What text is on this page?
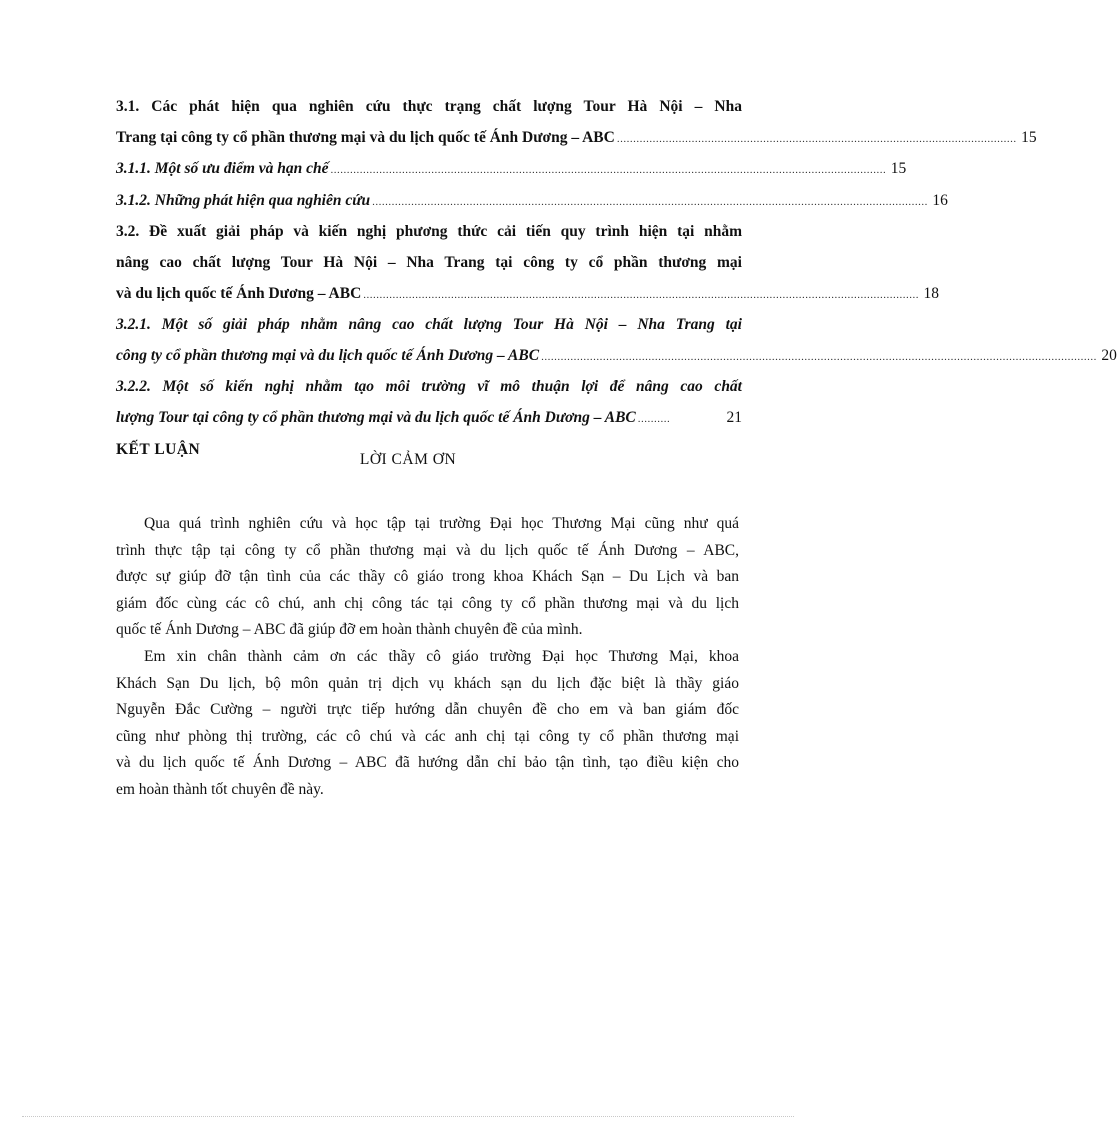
3.1. Các phát hiện qua nghiên cứu thực trạng chất lượng Tour Hà Nội – Nha
Trang tại công ty cổ phần thương mại và du lịch quốc tế Ánh Dương – ABC ........................................................................................................................... 15
3.1.1. Một số ưu điểm và hạn chế ........................................................................................................................................................................... 15
3.1.2. Những phát hiện qua nghiên cứu ........................................................................................................................................................................... 16
3.2. Đề xuất giải pháp và kiến nghị phương thức cải tiến quy trình hiện tại nhằm
nâng cao chất lượng Tour Hà Nội – Nha Trang tại công ty cổ phần thương mại
và du lịch quốc tế Ánh Dương – ABC ........................................................................................................................................................................... 18
3.2.1. Một số giải pháp nhằm nâng cao chất lượng Tour Hà Nội – Nha Trang tại
công ty cổ phần thương mại và du lịch quốc tế Ánh Dương – ABC ........................................................................................................................................................................... 20
3.2.2. Một số kiến nghị nhằm tạo môi trường vĩ mô thuận lợi để nâng cao chất
lượng Tour tại công ty cổ phần thương mại và du lịch quốc tế Ánh Dương – ABC ..........	21
KẾT LUẬN
LỜI CẢM ƠN
Qua quá trình nghiên cứu và học tập tại trường Đại học Thương Mại cũng như quá
trình thực tập tại công ty cổ phần thương mại và du lịch quốc tế Ánh Dương – ABC,
được sự giúp đỡ tận tình của các thầy cô giáo trong khoa Khách Sạn – Du Lịch và ban
giám đốc cùng các cô chú, anh chị công tác tại công ty cổ phần thương mại và du lịch
quốc tế Ánh Dương – ABC đã giúp đỡ em hoàn thành chuyên đề của mình.
Em xin chân thành cảm ơn các thầy cô giáo trường Đại học Thương Mại, khoa
Khách Sạn Du lịch, bộ môn quản trị dịch vụ khách sạn du lịch đặc biệt là thầy giáo
Nguyễn Đắc Cường – người trực tiếp hướng dẫn chuyên đề cho em và ban giám đốc
cũng như phòng thị trường, các cô chú và các anh chị tại công ty cổ phần thương mại
và du lịch quốc tế Ánh Dương – ABC đã hướng dẫn chỉ bảo tận tình, tạo điều kiện cho
em hoàn thành tốt chuyên đề này.
